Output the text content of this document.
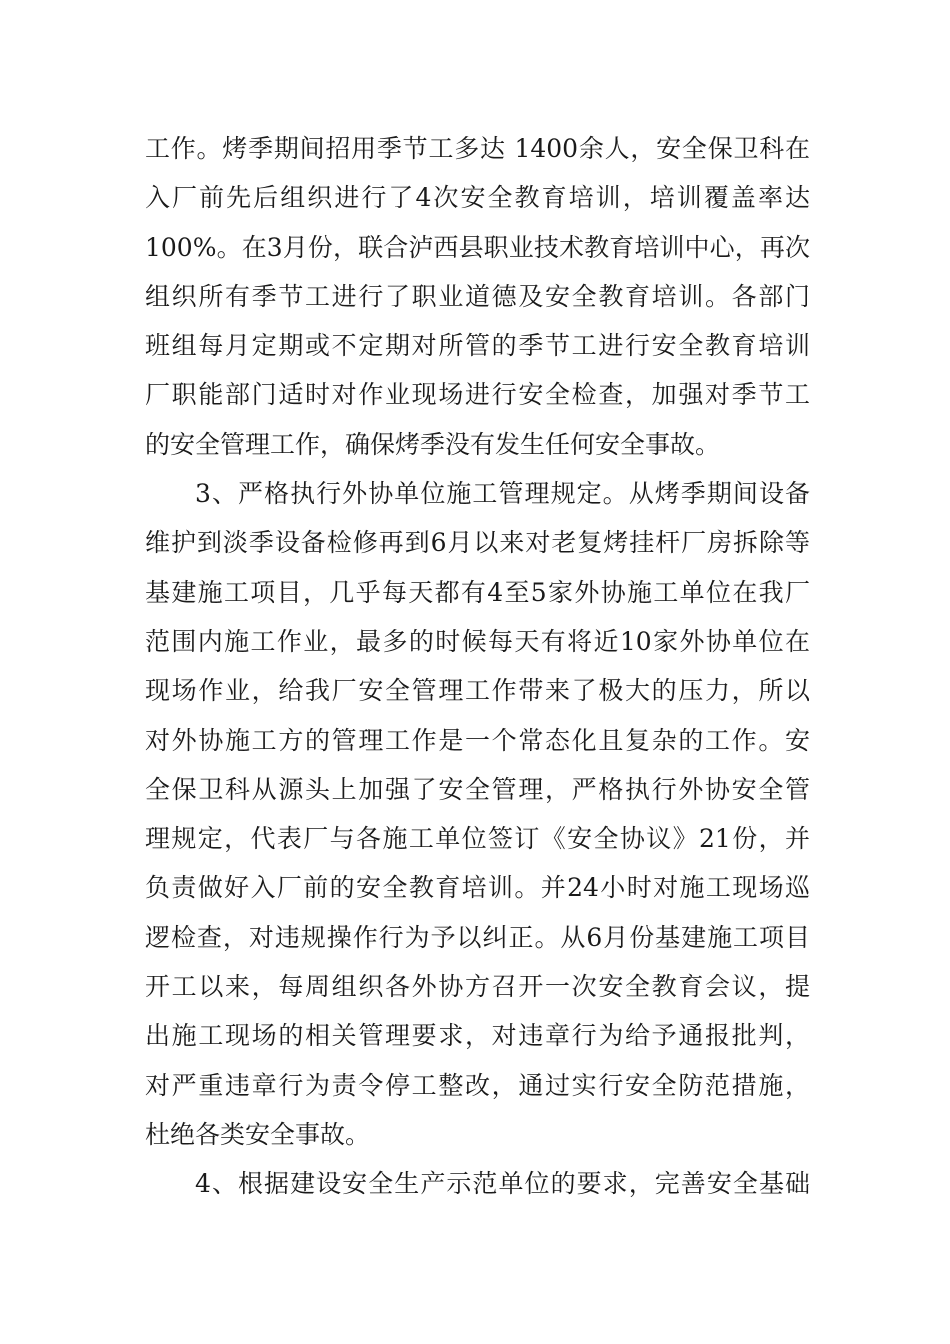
工作。烤季期间招用季节工多达 1400余人，安全保卫科在
入厂前先后组织进行了4次安全教育培训，培训覆盖率达
100%。在3月份，联合泸西县职业技术教育培训中心，再次
组织所有季节工进行了职业道德及安全教育培训。各部门
班组每月定期或不定期对所管的季节工进行安全教育培训
厂职能部门适时对作业现场进行安全检查，加强对季节工
的安全管理工作，确保烤季没有发生任何安全事故。
3、严格执行外协单位施工管理规定。从烤季期间设备
维护到淡季设备检修再到6月以来对老复烤挂杆厂房拆除等
基建施工项目，几乎每天都有4至5家外协施工单位在我厂
范围内施工作业，最多的时候每天有将近10家外协单位在
现场作业，给我厂安全管理工作带来了极大的压力，所以
对外协施工方的管理工作是一个常态化且复杂的工作。安
全保卫科从源头上加强了安全管理，严格执行外协安全管
理规定，代表厂与各施工单位签订《安全协议》21份，并
负责做好入厂前的安全教育培训。并24小时对施工现场巡
逻检查，对违规操作行为予以纠正。从6月份基建施工项目
开工以来，每周组织各外协方召开一次安全教育会议，提
出施工现场的相关管理要求，对违章行为给予通报批判，
对严重违章行为责令停工整改，通过实行安全防范措施，
杜绝各类安全事故。
4、根据建设安全生产示范单位的要求，完善安全基础
